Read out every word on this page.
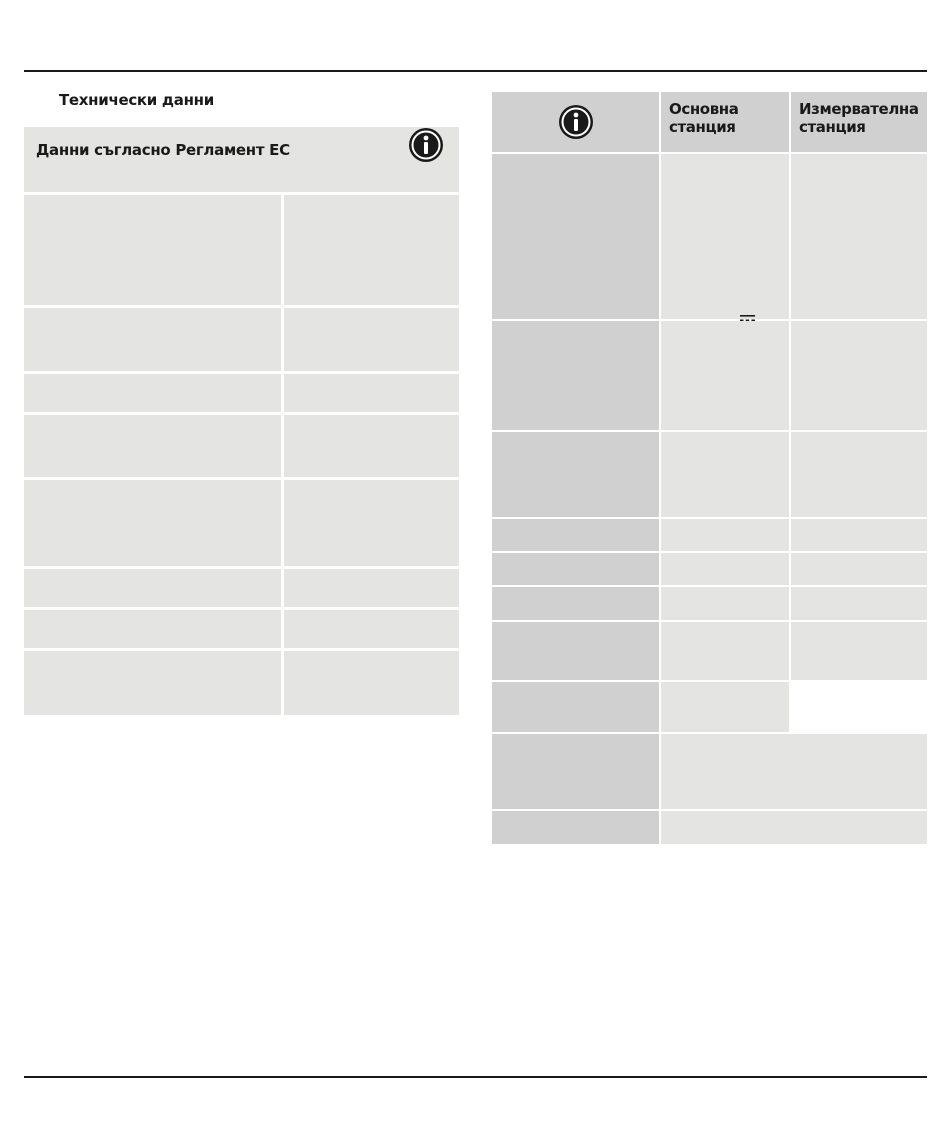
Технически данни
Данни съгласно Регламент ЕС
Основна
станция
Измервателна
станция
